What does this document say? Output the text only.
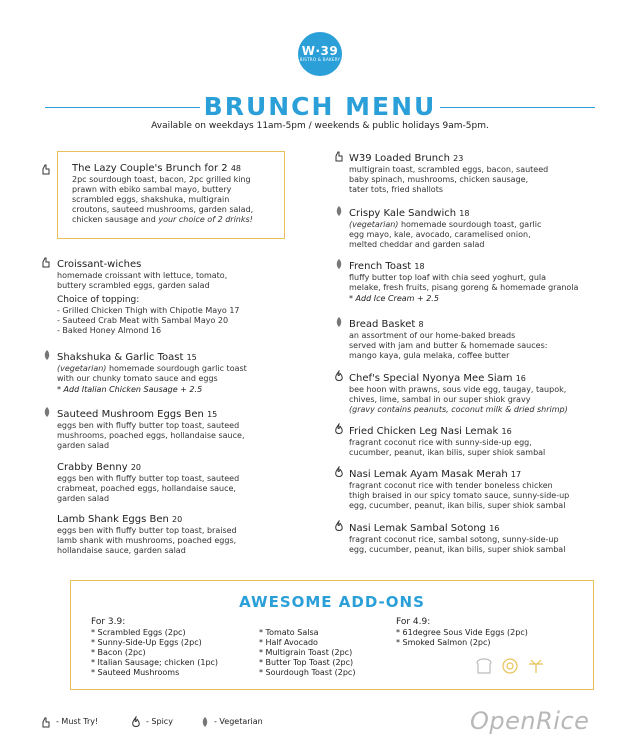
W·39
BISTRO & BAKERY
BRUNCH MENU
Available on weekdays 11am-5pm / weekends & public holidays 9am-5pm.
The Lazy Couple's Brunch for 2 48
2pc sourdough toast, bacon, 2pc grilled king
prawn with ebiko sambal mayo, buttery
scrambled eggs, shakshuka, multigrain
croutons, sauteed mushrooms, garden salad,
chicken sausage and your choice of 2 drinks!
Croissant-wiches
homemade croissant with lettuce, tomato,
buttery scrambled eggs, garden salad
Choice of topping:
- Grilled Chicken Thigh with Chipotle Mayo 17
- Sauteed Crab Meat with Sambal Mayo 20
- Baked Honey Almond 16
Shakshuka & Garlic Toast 15
(vegetarian) homemade sourdough garlic toast
with our chunky tomato sauce and eggs
* Add Italian Chicken Sausage + 2.5
Sauteed Mushroom Eggs Ben 15
eggs ben with fluffy butter top toast, sauteed
mushrooms, poached eggs, hollandaise sauce,
garden salad
Crabby Benny 20
eggs ben with fluffy butter top toast, sauteed
crabmeat, poached eggs, hollandaise sauce,
garden salad
Lamb Shank Eggs Ben 20
eggs ben with fluffy butter top toast, braised
lamb shank with mushrooms, poached eggs,
hollandaise sauce, garden salad
W39 Loaded Brunch 23
multigrain toast, scrambled eggs, bacon, sauteed
baby spinach, mushrooms, chicken sausage,
tater tots, fried shallots
Crispy Kale Sandwich 18
(vegetarian) homemade sourdough toast, garlic
egg mayo, kale, avocado, caramelised onion,
melted cheddar and garden salad
French Toast 18
fluffy butter top loaf with chia seed yoghurt, gula
melake, fresh fruits, pisang goreng & homemade granola
* Add Ice Cream + 2.5
Bread Basket 8
an assortment of our home-baked breads
served with jam and butter & homemade sauces:
mango kaya, gula melaka, coffee butter
Chef's Special Nyonya Mee Siam 16
bee hoon with prawns, sous vide egg, taugay, taupok,
chives, lime, sambal in our super shiok gravy
(gravy contains peanuts, coconut milk & dried shrimp)
Fried Chicken Leg Nasi Lemak 16
fragrant coconut rice with sunny-side-up egg,
cucumber, peanut, ikan bilis, super shiok sambal
Nasi Lemak Ayam Masak Merah 17
fragrant coconut rice with tender boneless chicken
thigh braised in our spicy tomato sauce, sunny-side-up
egg, cucumber, peanut, ikan bilis, super shiok sambal
Nasi Lemak Sambal Sotong 16
fragrant coconut rice, sambal sotong, sunny-side-up
egg, cucumber, peanut, ikan bilis, super shiok sambal
AWESOME ADD-ONS
For 3.9:
* Scrambled Eggs (2pc)
* Sunny-Side-Up Eggs (2pc)
* Bacon (2pc)
* Italian Sausage; chicken (1pc)
* Sauteed Mushrooms
* Tomato Salsa
* Half Avocado
* Multigrain Toast (2pc)
* Butter Top Toast (2pc)
* Sourdough Toast (2pc)
For 4.9:
* 61degree Sous Vide Eggs (2pc)
* Smoked Salmon (2pc)
- Must Try!	- Spicy	- Vegetarian	OpenRice
